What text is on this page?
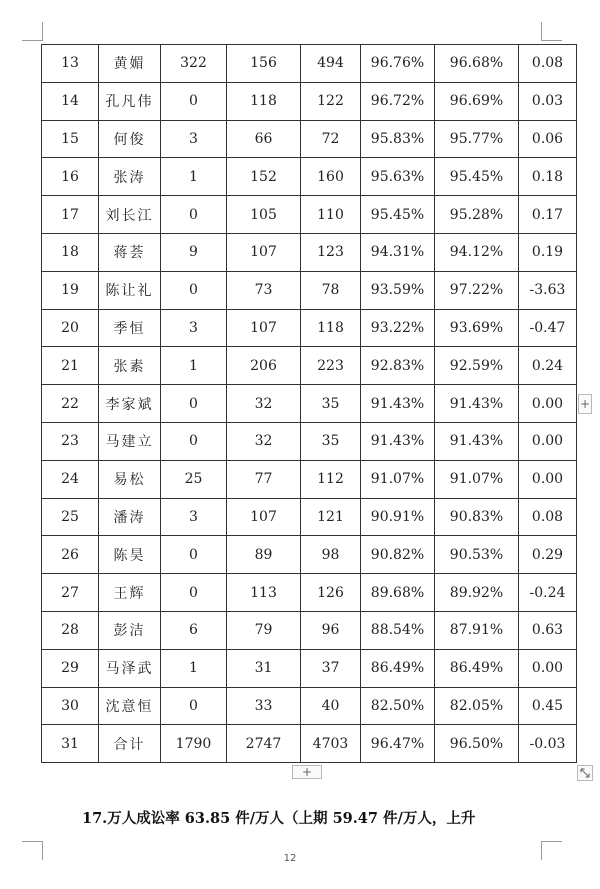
13	黄媚	322	156	494	96.76%	96.68%	0.08
14	孔凡伟	0	118	122	96.72%	96.69%	0.03
15	何俊	3	66	72	95.83%	95.77%	0.06
16	张涛	1	152	160	95.63%	95.45%	0.18
17	刘长江	0	105	110	95.45%	95.28%	0.17
18	蒋荟	9	107	123	94.31%	94.12%	0.19
19	陈让礼	0	73	78	93.59%	97.22%	-3.63
20	季恒	3	107	118	93.22%	93.69%	-0.47
21	张素	1	206	223	92.83%	92.59%	0.24
22	李家斌	0	32	35	91.43%	91.43%	0.00
23	马建立	0	32	35	91.43%	91.43%	0.00
24	易松	25	77	112	91.07%	91.07%	0.00
25	潘涛	3	107	121	90.91%	90.83%	0.08
26	陈昊	0	89	98	90.82%	90.53%	0.29
27	王辉	0	113	126	89.68%	89.92%	-0.24
28	彭洁	6	79	96	88.54%	87.91%	0.63
29	马泽武	1	31	37	86.49%	86.49%	0.00
30	沈意恒	0	33	40	82.50%	82.05%	0.45
31	合计	1790	2747	4703	96.47%	96.50%	-0.03
+
+
17.万人成讼率 63.85 件/万人（上期 59.47 件/万人，上升
12
